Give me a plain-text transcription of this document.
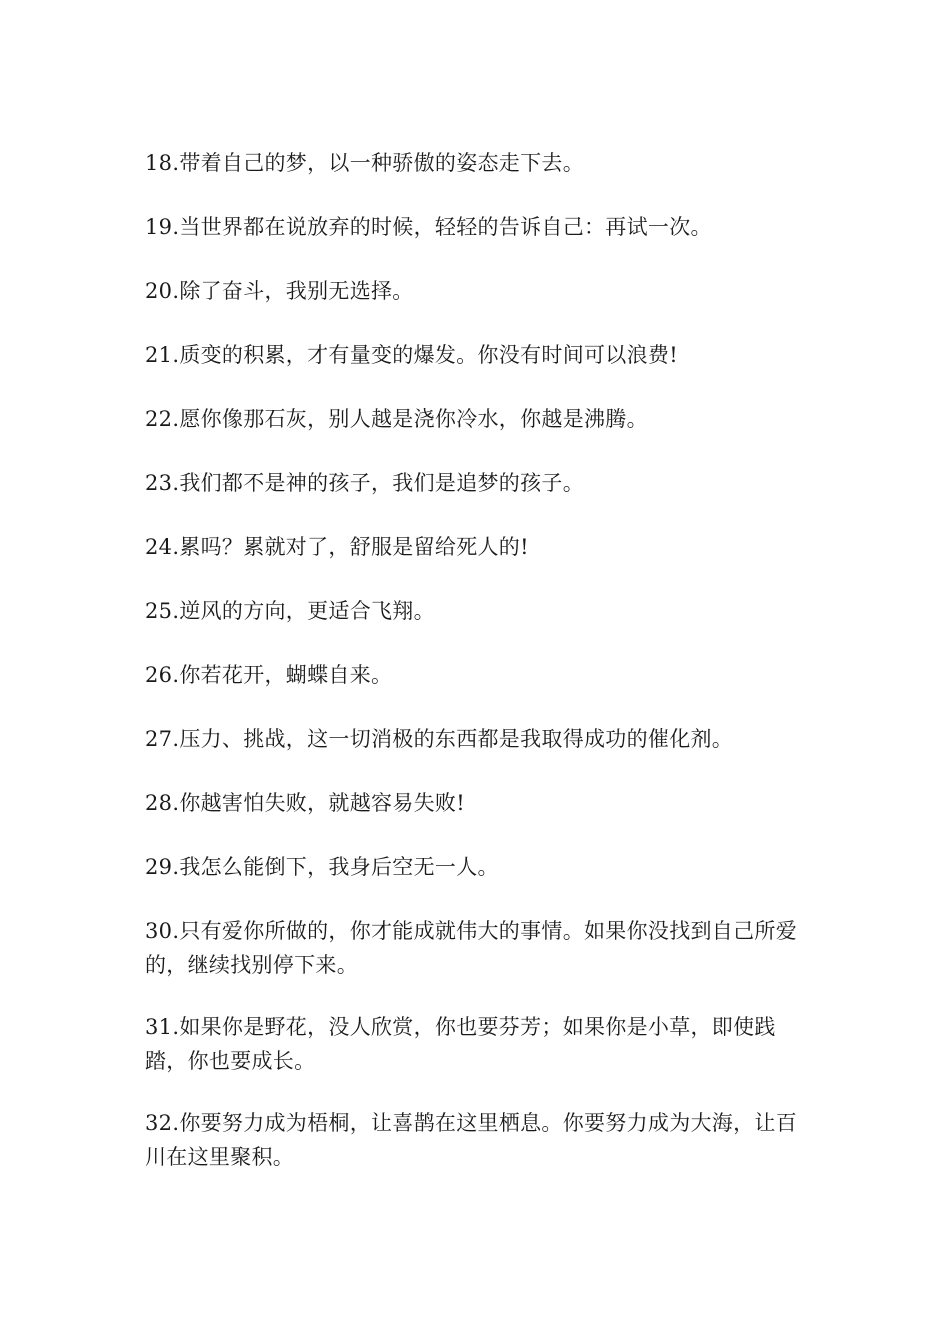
18.带着自己的梦，以一种骄傲的姿态走下去。

19.当世界都在说放弃的时候，轻轻的告诉自己：再试一次。

20.除了奋斗，我别无选择。

21.质变的积累，才有量变的爆发。你没有时间可以浪费!

22.愿你像那石灰，别人越是浇你冷水，你越是沸腾。

23.我们都不是神的孩子，我们是追梦的孩子。

24.累吗？累就对了，舒服是留给死人的!

25.逆风的方向，更适合飞翔。

26.你若花开，蝴蝶自来。

27.压力、挑战，这一切消极的东西都是我取得成功的催化剂。

28.你越害怕失败，就越容易失败!

29.我怎么能倒下，我身后空无一人。

30.只有爱你所做的，你才能成就伟大的事情。如果你没找到自己所爱的，继续找别停下来。

31.如果你是野花，没人欣赏，你也要芬芳；如果你是小草，即使践踏，你也要成长。

32.你要努力成为梧桐，让喜鹊在这里栖息。你要努力成为大海，让百川在这里聚积。
